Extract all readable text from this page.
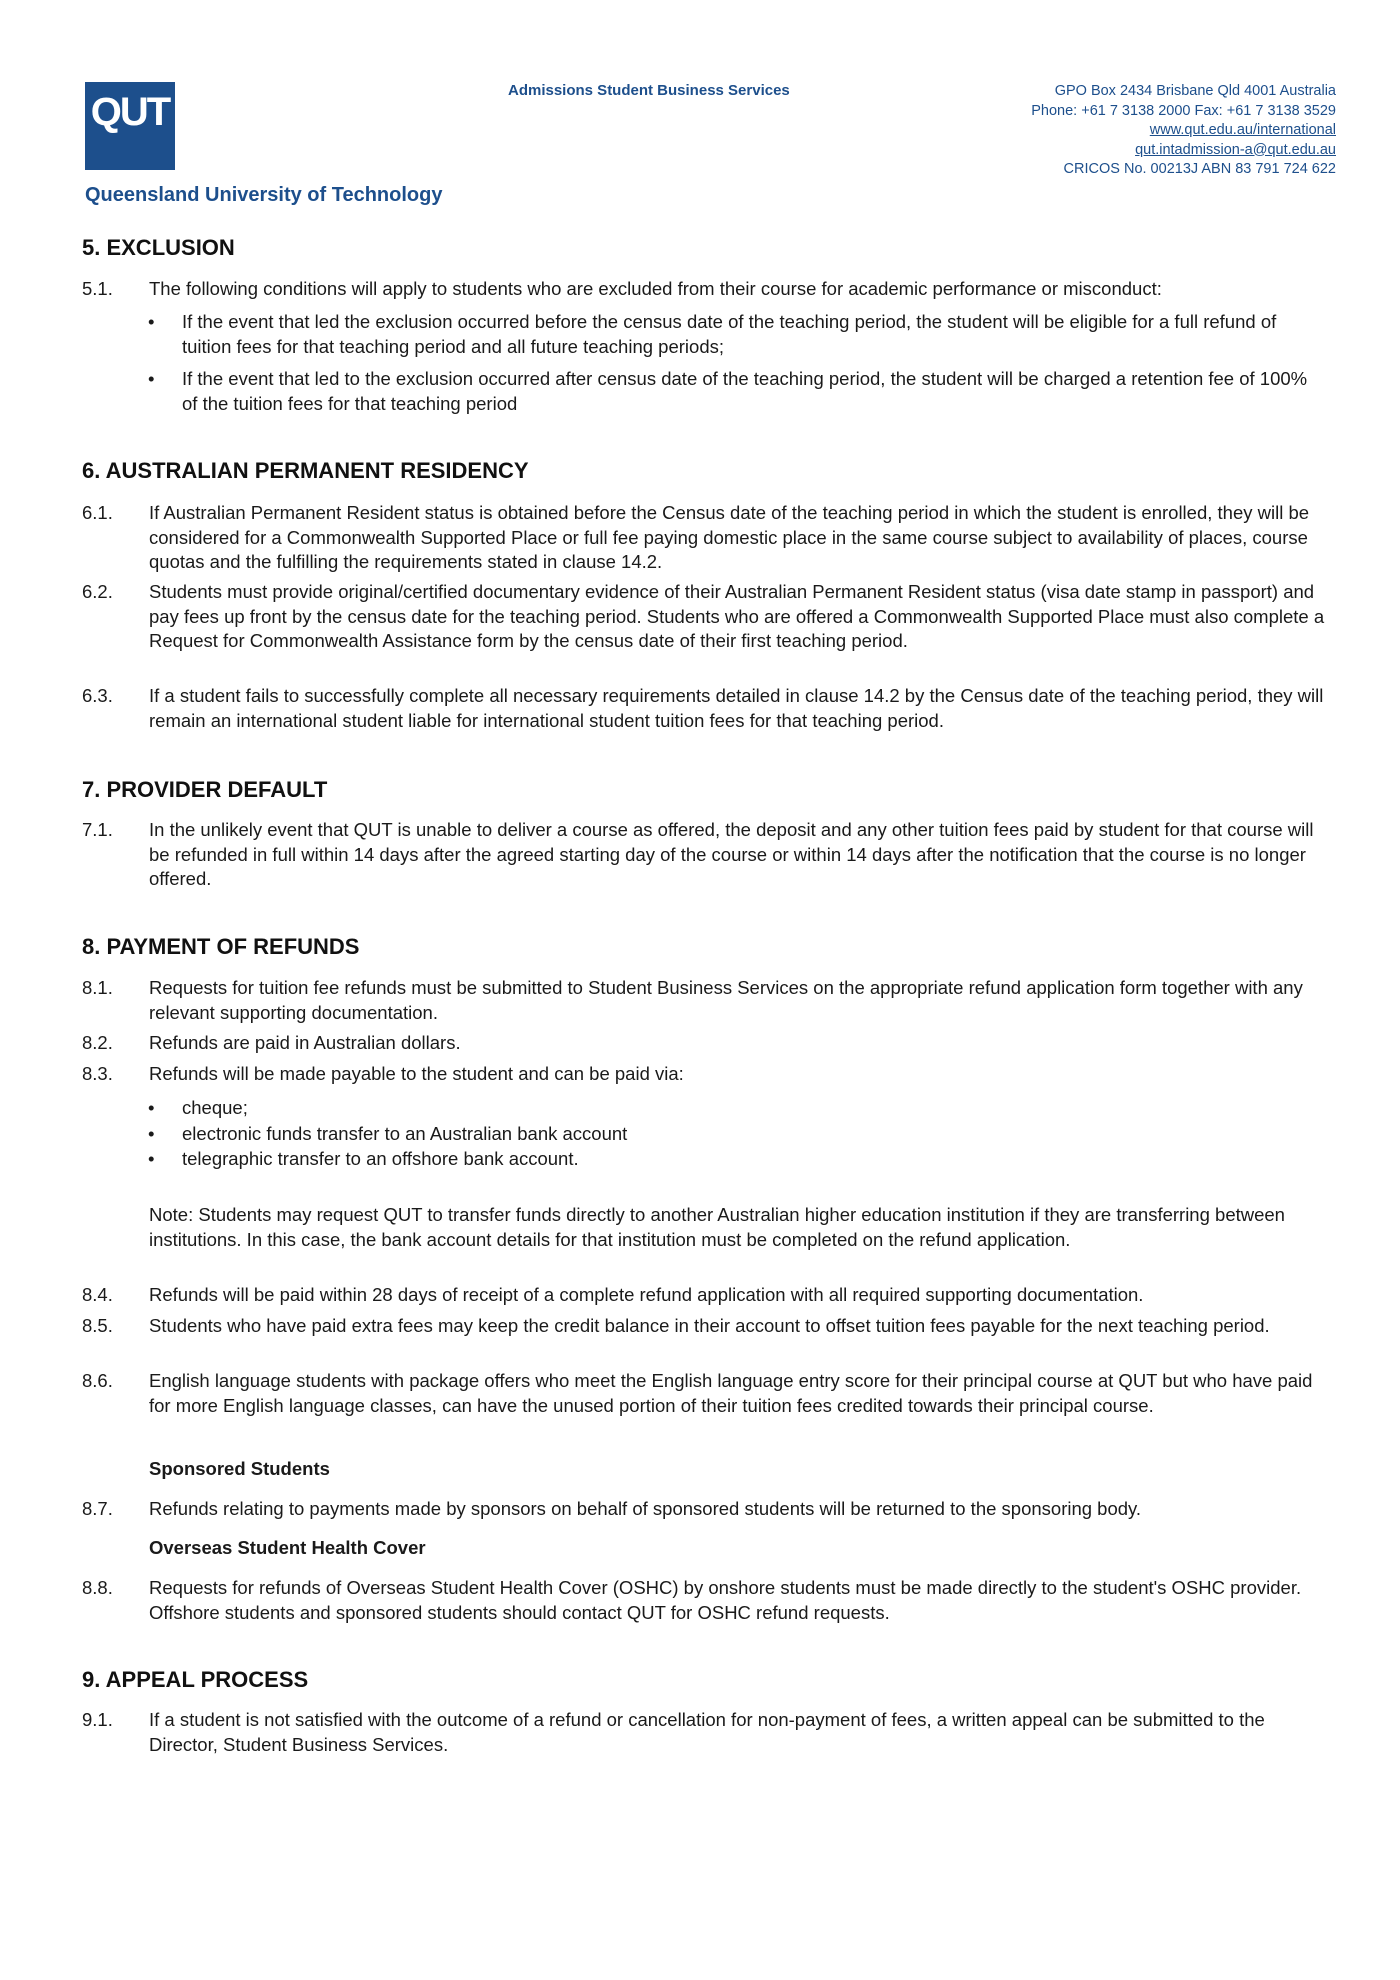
QUT
Queensland University of Technology
Admissions Student Business Services	GPO Box 2434 Brisbane Qld 4001 Australia
Phone: +61 7 3138 2000 Fax: +61 7 3138 3529
www.qut.edu.au/international
qut.intadmission-a@qut.edu.au
CRICOS No. 00213J ABN 83 791 724 622
5. EXCLUSION
5.1. The following conditions will apply to students who are excluded from their course for academic performance or misconduct:
• If the event that led the exclusion occurred before the census date of the teaching period, the student will be eligible for a full refund of tuition fees for that teaching period and all future teaching periods;
• If the event that led to the exclusion occurred after census date of the teaching period, the student will be charged a retention fee of 100% of the tuition fees for that teaching period
6. AUSTRALIAN PERMANENT RESIDENCY
6.1. If Australian Permanent Resident status is obtained before the Census date of the teaching period in which the student is enrolled, they will be considered for a Commonwealth Supported Place or full fee paying domestic place in the same course subject to availability of places, course quotas and the fulfilling the requirements stated in clause 14.2.
6.2. Students must provide original/certified documentary evidence of their Australian Permanent Resident status (visa date stamp in passport) and pay fees up front by the census date for the teaching period. Students who are offered a Commonwealth Supported Place must also complete a Request for Commonwealth Assistance form by the census date of their first teaching period.
6.3. If a student fails to successfully complete all necessary requirements detailed in clause 14.2 by the Census date of the teaching period, they will remain an international student liable for international student tuition fees for that teaching period.
7. PROVIDER DEFAULT
7.1. In the unlikely event that QUT is unable to deliver a course as offered, the deposit and any other tuition fees paid by student for that course will be refunded in full within 14 days after the agreed starting day of the course or within 14 days after the notification that the course is no longer offered.
8. PAYMENT OF REFUNDS
8.1. Requests for tuition fee refunds must be submitted to Student Business Services on the appropriate refund application form together with any relevant supporting documentation.
8.2. Refunds are paid in Australian dollars.
8.3. Refunds will be made payable to the student and can be paid via:
• cheque;
• electronic funds transfer to an Australian bank account
• telegraphic transfer to an offshore bank account.
Note: Students may request QUT to transfer funds directly to another Australian higher education institution if they are transferring between institutions. In this case, the bank account details for that institution must be completed on the refund application.
8.4. Refunds will be paid within 28 days of receipt of a complete refund application with all required supporting documentation.
8.5. Students who have paid extra fees may keep the credit balance in their account to offset tuition fees payable for the next teaching period.
8.6. English language students with package offers who meet the English language entry score for their principal course at QUT but who have paid for more English language classes, can have the unused portion of their tuition fees credited towards their principal course.
Sponsored Students
8.7. Refunds relating to payments made by sponsors on behalf of sponsored students will be returned to the sponsoring body.
Overseas Student Health Cover
8.8. Requests for refunds of Overseas Student Health Cover (OSHC) by onshore students must be made directly to the student's OSHC provider. Offshore students and sponsored students should contact QUT for OSHC refund requests.
9. APPEAL PROCESS
9.1. If a student is not satisfied with the outcome of a refund or cancellation for non-payment of fees, a written appeal can be submitted to the Director, Student Business Services.
